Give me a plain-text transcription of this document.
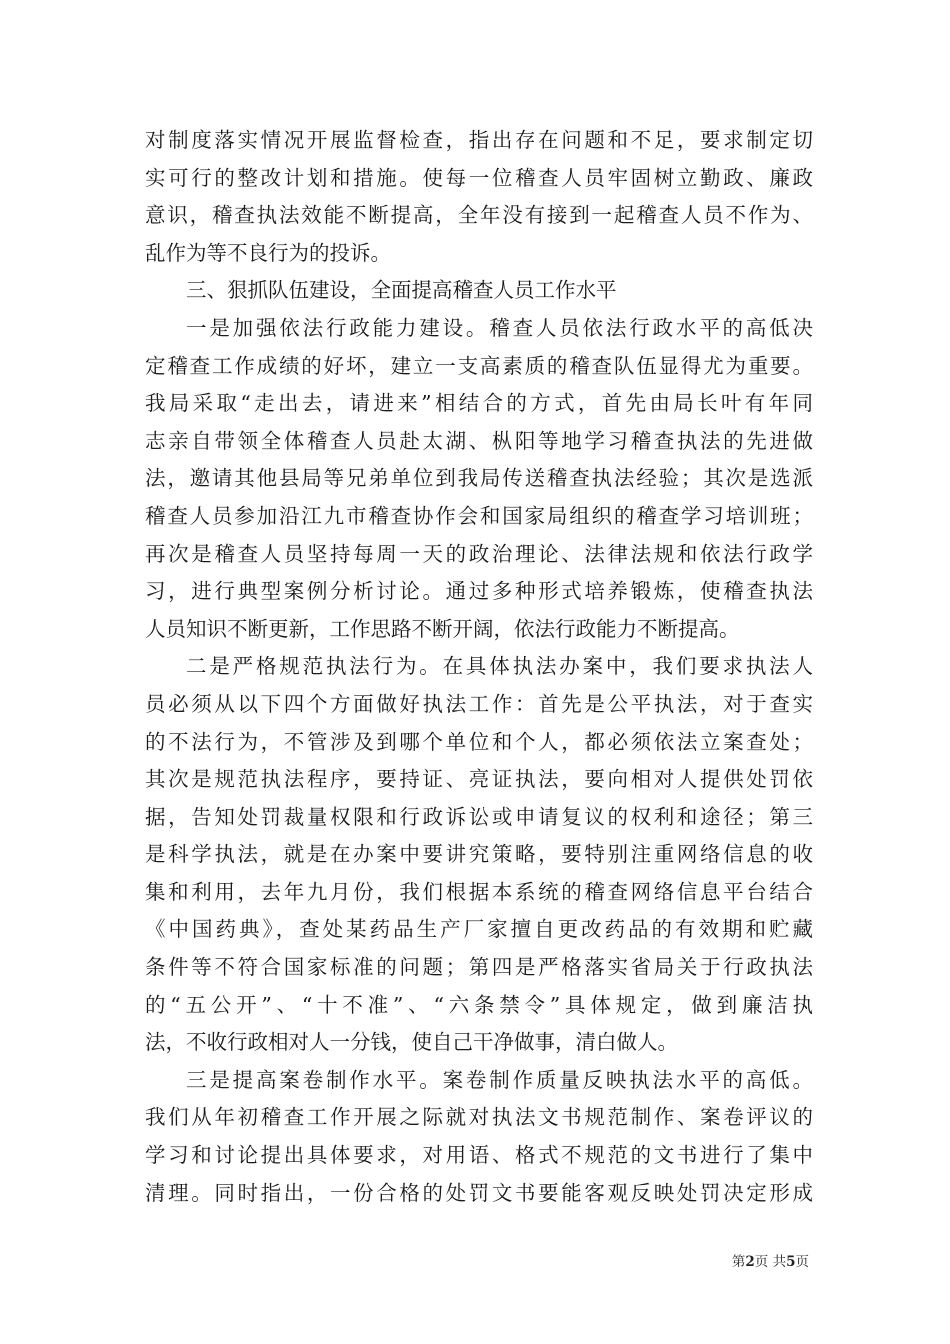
对制度落实情况开展监督检查，指出存在问题和不足，要求制定切
实可行的整改计划和措施。使每一位稽查人员牢固树立勤政、廉政
意识，稽查执法效能不断提高，全年没有接到一起稽查人员不作为、
乱作为等不良行为的投诉。
三、狠抓队伍建设，全面提高稽查人员工作水平
一是加强依法行政能力建设。稽查人员依法行政水平的高低决
定稽查工作成绩的好坏，建立一支高素质的稽查队伍显得尤为重要。
我局采取“走出去，请进来”相结合的方式，首先由局长叶有年同
志亲自带领全体稽查人员赴太湖、枞阳等地学习稽查执法的先进做
法，邀请其他县局等兄弟单位到我局传送稽查执法经验；其次是选派
稽查人员参加沿江九市稽查协作会和国家局组织的稽查学习培训班；
再次是稽查人员坚持每周一天的政治理论、法律法规和依法行政学
习，进行典型案例分析讨论。通过多种形式培养锻炼，使稽查执法
人员知识不断更新，工作思路不断开阔，依法行政能力不断提高。
二是严格规范执法行为。在具体执法办案中，我们要求执法人
员必须从以下四个方面做好执法工作：首先是公平执法，对于查实
的不法行为，不管涉及到哪个单位和个人，都必须依法立案查处；
其次是规范执法程序，要持证、亮证执法，要向相对人提供处罚依
据，告知处罚裁量权限和行政诉讼或申请复议的权利和途径；第三
是科学执法，就是在办案中要讲究策略，要特别注重网络信息的收
集和利用，去年九月份，我们根据本系统的稽查网络信息平台结合
《中国药典》，查处某药品生产厂家擅自更改药品的有效期和贮藏
条件等不符合国家标准的问题；第四是严格落实省局关于行政执法
的“五公开”、“十不准”、“六条禁令”具体规定，做到廉洁执
法，不收行政相对人一分钱，使自己干净做事，清白做人。
三是提高案卷制作水平。案卷制作质量反映执法水平的高低。
我们从年初稽查工作开展之际就对执法文书规范制作、案卷评议的
学习和讨论提出具体要求，对用语、格式不规范的文书进行了集中
清理。同时指出，一份合格的处罚文书要能客观反映处罚决定形成
第2页 共5页
